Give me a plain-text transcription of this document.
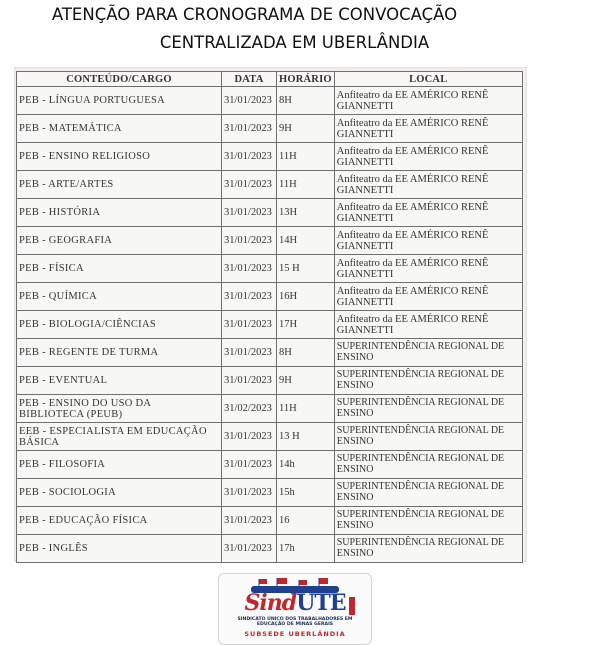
ATENÇÃO PARA CRONOGRAMA DE CONVOCAÇÃO
CENTRALIZADA EM UBERLÂNDIA
CONTEÚDO/CARGO	DATA	HORÁRIO	LOCAL
PEB - LÍNGUA PORTUGUESA	31/01/2023	8H	Anfiteatro da EE AMÉRICO RENÊ GIANNETTI
PEB - MATEMÁTICA	31/01/2023	9H	Anfiteatro da EE AMÉRICO RENÊ GIANNETTI
PEB - ENSINO RELIGIOSO	31/01/2023	11H	Anfiteatro da EE AMÉRICO RENÊ GIANNETTI
PEB - ARTE/ARTES	31/01/2023	11H	Anfiteatro da EE AMÉRICO RENÊ GIANNETTI
PEB - HISTÓRIA	31/01/2023	13H	Anfiteatro da EE AMÉRICO RENÊ GIANNETTI
PEB - GEOGRAFIA	31/01/2023	14H	Anfiteatro da EE AMÉRICO RENÊ GIANNETTI
PEB - FÍSICA	31/01/2023	15 H	Anfiteatro da EE AMÉRICO RENÊ GIANNETTI
PEB - QUÍMICA	31/01/2023	16H	Anfiteatro da EE AMÉRICO RENÊ GIANNETTI
PEB - BIOLOGIA/CIÊNCIAS	31/01/2023	17H	Anfiteatro da EE AMÉRICO RENÊ GIANNETTI
PEB - REGENTE DE TURMA	31/01/2023	8H	SUPERINTENDÊNCIA REGIONAL DE ENSINO
PEB - EVENTUAL	31/01/2023	9H	SUPERINTENDÊNCIA REGIONAL DE ENSINO
PEB - ENSINO DO USO DA BIBLIOTECA (PEUB)	31/02/2023	11H	SUPERINTENDÊNCIA REGIONAL DE ENSINO
EEB - ESPECIALISTA EM EDUCAÇÃO BÁSICA	31/01/2023	13 H	SUPERINTENDÊNCIA REGIONAL DE ENSINO
PEB - FILOSOFIA	31/01/2023	14h	SUPERINTENDÊNCIA REGIONAL DE ENSINO
PEB - SOCIOLOGIA	31/01/2023	15h	SUPERINTENDÊNCIA REGIONAL DE ENSINO
PEB - EDUCAÇÃO FÍSICA	31/01/2023	16	SUPERINTENDÊNCIA REGIONAL DE ENSINO
PEB - INGLÊS	31/01/2023	17h	SUPERINTENDÊNCIA REGIONAL DE ENSINO
SindUTE
SINDICATO ÚNICO DOS TRABALHADORES EM EDUCAÇÃO DE MINAS GERAIS
SUBSEDE UBERLÂNDIA
